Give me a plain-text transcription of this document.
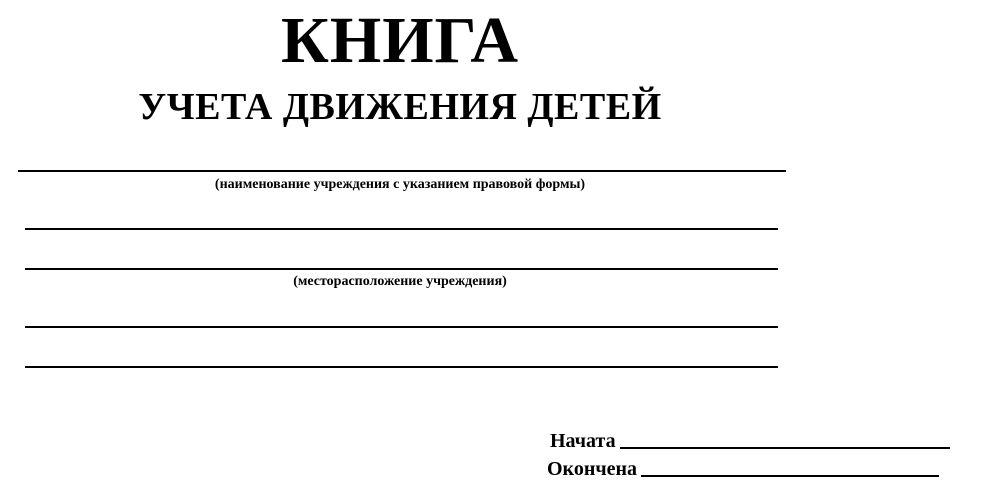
КНИГА
УЧЕТА ДВИЖЕНИЯ ДЕТЕЙ
(наименование учреждения с указанием правовой формы)
(месторасположение учреждения)
Начата
Окончена
